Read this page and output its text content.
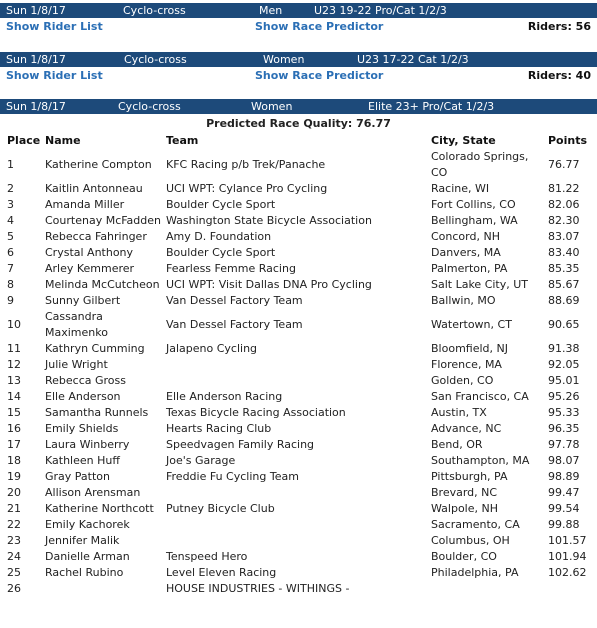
Sun 1/8/17	Cyclo-cross	Men	U23 19-22 Pro/Cat 1/2/3
Show Rider List	Show Race Predictor	Riders: 56
Sun 1/8/17	Cyclo-cross	Women	U23 17-22 Cat 1/2/3
Show Rider List	Show Race Predictor	Riders: 40
Sun 1/8/17	Cyclo-cross	Women	Elite 23+ Pro/Cat 1/2/3
Predicted Race Quality: 76.77
Place	Name	Team	City, State	Points
1	Katherine Compton	KFC Racing p/b Trek/Panache	Colorado Springs, CO	76.77
2	Kaitlin Antonneau	UCI WPT: Cylance Pro Cycling	Racine, WI	81.22
3	Amanda Miller	Boulder Cycle Sport	Fort Collins, CO	82.06
4	Courtenay McFadden	Washington State Bicycle Association	Bellingham, WA	82.30
5	Rebecca Fahringer	Amy D. Foundation	Concord, NH	83.07
6	Crystal Anthony	Boulder Cycle Sport	Danvers, MA	83.40
7	Arley Kemmerer	Fearless Femme Racing	Palmerton, PA	85.35
8	Melinda McCutcheon	UCI WPT: Visit Dallas DNA Pro Cycling	Salt Lake City, UT	85.67
9	Sunny Gilbert	Van Dessel Factory Team	Ballwin, MO	88.69
10	Cassandra Maximenko	Van Dessel Factory Team	Watertown, CT	90.65
11	Kathryn Cumming	Jalapeno Cycling	Bloomfield, NJ	91.38
12	Julie Wright		Florence, MA	92.05
13	Rebecca Gross		Golden, CO	95.01
14	Elle Anderson	Elle Anderson Racing	San Francisco, CA	95.26
15	Samantha Runnels	Texas Bicycle Racing Association	Austin, TX	95.33
16	Emily Shields	Hearts Racing Club	Advance, NC	96.35
17	Laura Winberry	Speedvagen Family Racing	Bend, OR	97.78
18	Kathleen Huff	Joe's Garage	Southampton, MA	98.07
19	Gray Patton	Freddie Fu Cycling Team	Pittsburgh, PA	98.89
20	Allison Arensman		Brevard, NC	99.47
21	Katherine Northcott	Putney Bicycle Club	Walpole, NH	99.54
22	Emily Kachorek		Sacramento, CA	99.88
23	Jennifer Malik		Columbus, OH	101.57
24	Danielle Arman	Tenspeed Hero	Boulder, CO	101.94
25	Rachel Rubino	Level Eleven Racing	Philadelphia, PA	102.62
26		HOUSE INDUSTRIES - WITHINGS -		
